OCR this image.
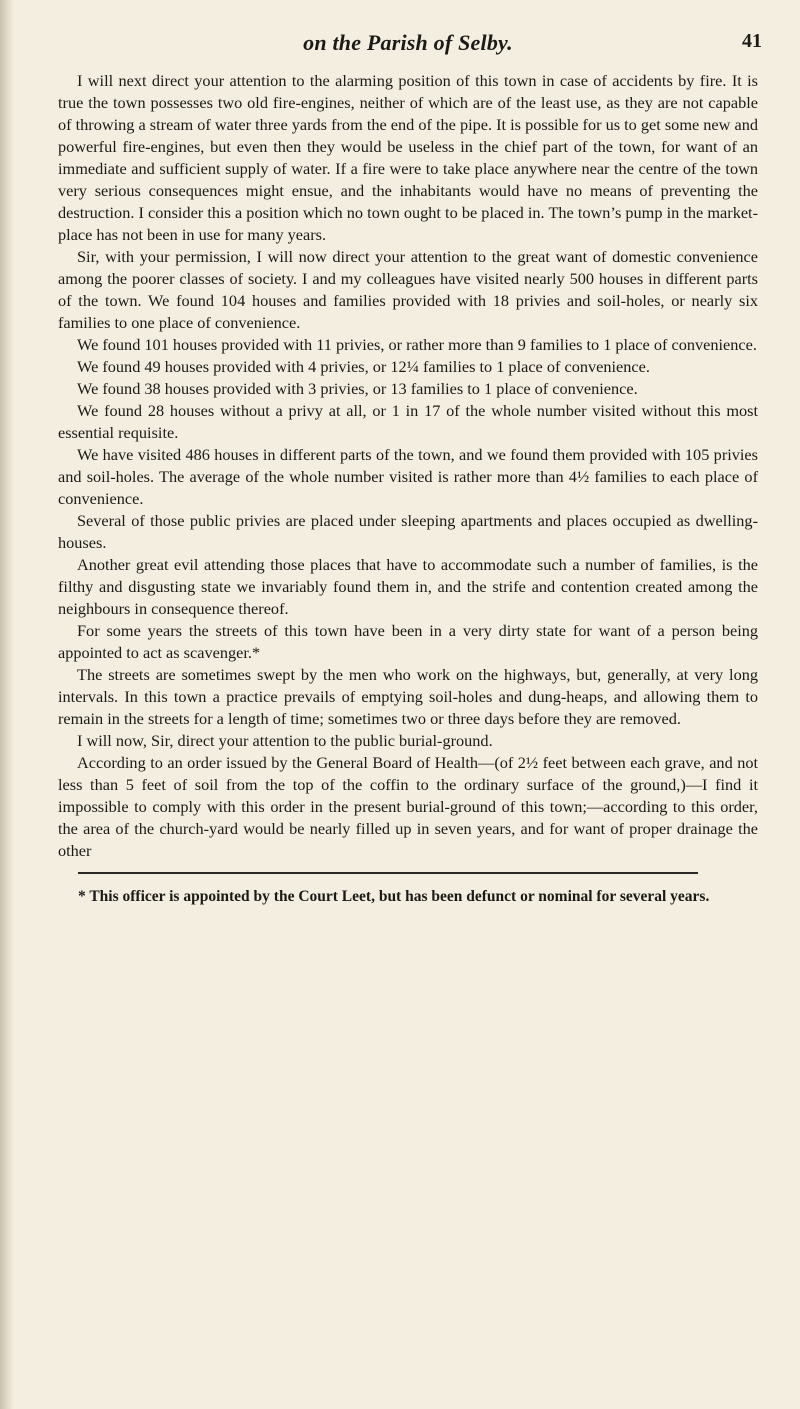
on the Parish of Selby.	41

I will next direct your attention to the alarming position of this town in case of accidents by fire. It is true the town possesses two old fire-engines, neither of which are of the least use, as they are not capable of throwing a stream of water three yards from the end of the pipe. It is possible for us to get some new and powerful fire-engines, but even then they would be useless in the chief part of the town, for want of an immediate and sufficient supply of water. If a fire were to take place anywhere near the centre of the town very serious consequences might ensue, and the inhabitants would have no means of preventing the destruction. I consider this a position which no town ought to be placed in. The town’s pump in the market-place has not been in use for many years.

Sir, with your permission, I will now direct your attention to the great want of domestic convenience among the poorer classes of society. I and my colleagues have visited nearly 500 houses in different parts of the town. We found 104 houses and families provided with 18 privies and soil-holes, or nearly six families to one place of convenience.

We found 101 houses provided with 11 privies, or rather more than 9 families to 1 place of convenience.

We found 49 houses provided with 4 privies, or 12¼ families to 1 place of convenience.

We found 38 houses provided with 3 privies, or 13 families to 1 place of convenience.

We found 28 houses without a privy at all, or 1 in 17 of the whole number visited without this most essential requisite.

We have visited 486 houses in different parts of the town, and we found them provided with 105 privies and soil-holes. The average of the whole number visited is rather more than 4½ families to each place of convenience.

Several of those public privies are placed under sleeping apartments and places occupied as dwelling-houses.

Another great evil attending those places that have to accommodate such a number of families, is the filthy and disgusting state we invariably found them in, and the strife and contention created among the neighbours in consequence thereof.

For some years the streets of this town have been in a very dirty state for want of a person being appointed to act as scavenger.*

The streets are sometimes swept by the men who work on the highways, but, generally, at very long intervals. In this town a practice prevails of emptying soil-holes and dung-heaps, and allowing them to remain in the streets for a length of time; sometimes two or three days before they are removed.

I will now, Sir, direct your attention to the public burial-ground.

According to an order issued by the General Board of Health—(of 2½ feet between each grave, and not less than 5 feet of soil from the top of the coffin to the ordinary surface of the ground,)—I find it impossible to comply with this order in the present burial-ground of this town;—according to this order, the area of the church-yard would be nearly filled up in seven years, and for want of proper drainage the other

* This officer is appointed by the Court Leet, but has been defunct or nominal for several years.
